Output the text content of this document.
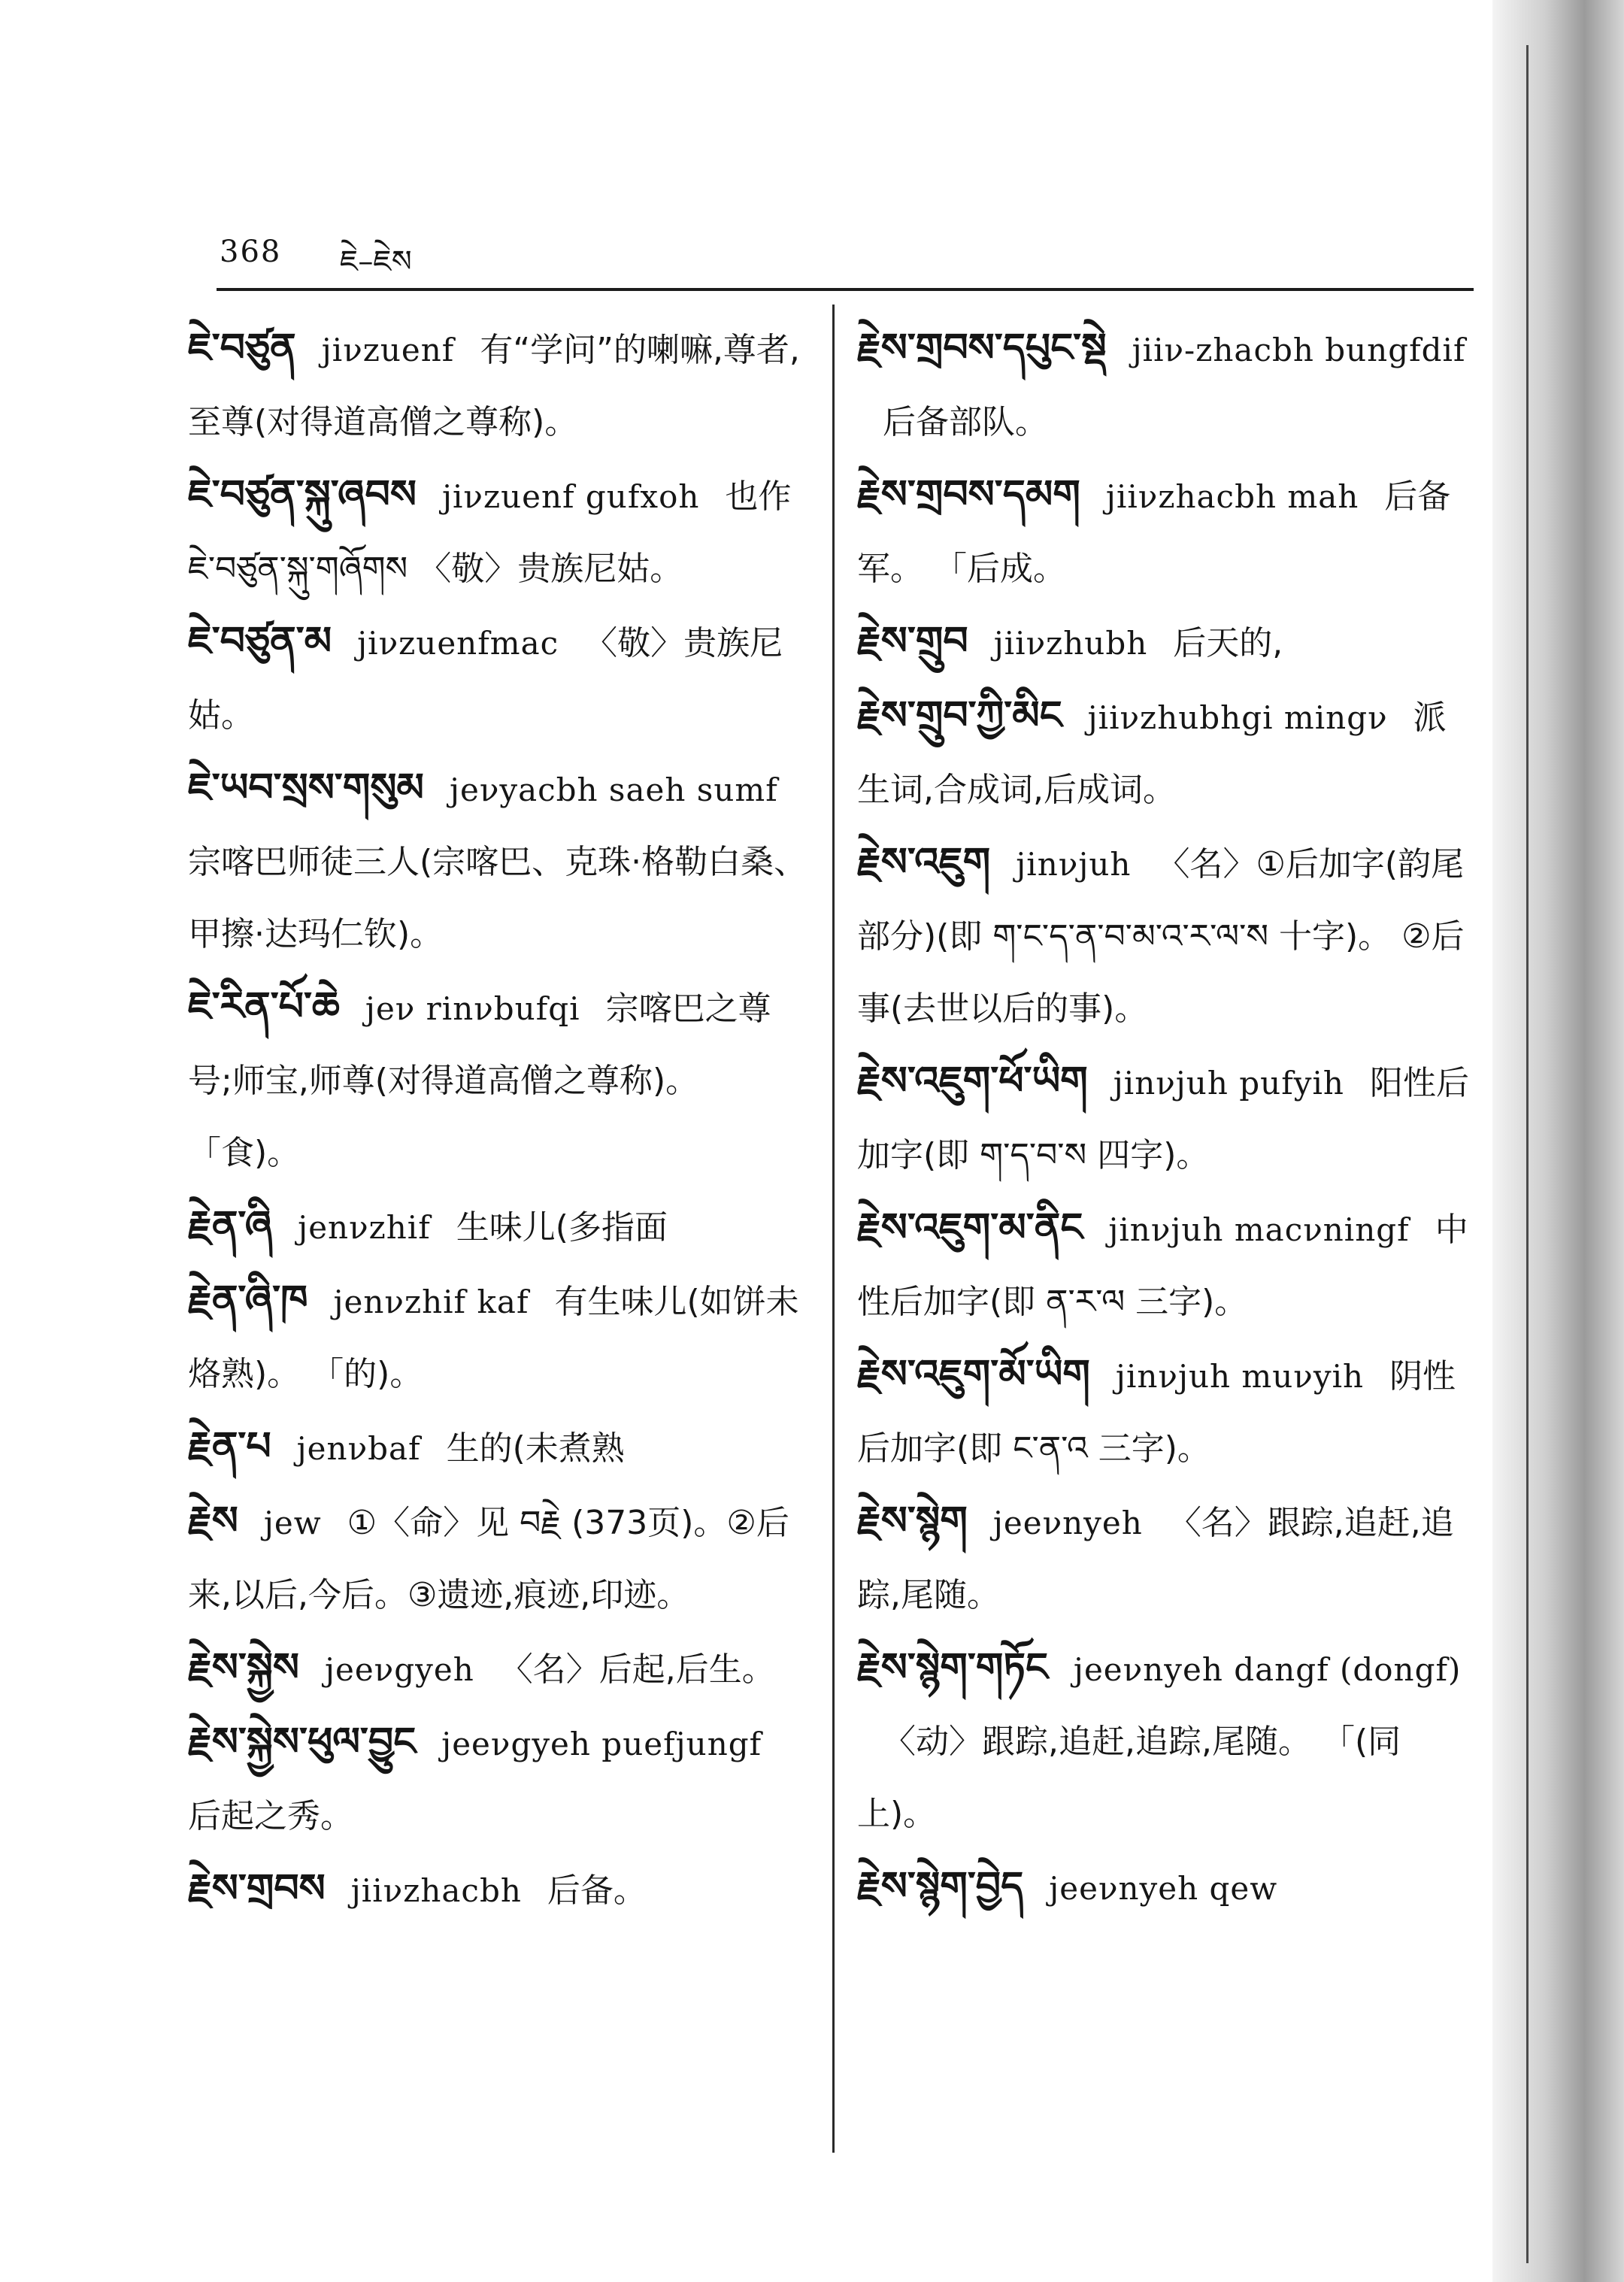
368 ཇེ–ཇེས
ཇེ་བཙུན jiνzuenf 有“学问”的喇嘛,尊者,至尊(对得道高僧之尊称)。
ཇེ་བཙུན་སྐུ་ཞབས jiνzuenf gufxoh 也作 ཇེ་བཙུན་སྐུ་གཞོགས 〈敬〉贵族尼姑。
ཇེ་བཙུན་མ jiνzuenfmac 〈敬〉贵族尼姑。
ཇེ་ཡབ་སྲས་གསུམ jeνyacbh saeh sumf宗喀巴师徒三人(宗喀巴、克珠·格勒白桑、甲擦·达玛仁钦)。
ཇེ་རིན་པོ་ཆེ jeν rinνbufqi 宗喀巴之尊号;师宝,师尊(对得道高僧之尊称)。 「食)。
རྗེན་ཞི jenνzhif 生味儿(多指面
རྗེན་ཞི་ཁ jenνzhif kaf 有生味儿(如饼未烙熟)。 「的)。
རྗེན་པ jenνbaf 生的(未煮熟
རྗེས jew ①〈命〉见 བརྗེ (373页)。②后来,以后,今后。③遗迹,痕迹,印迹。
རྗེས་སྐྱེས jeeνgyeh 〈名〉后起,后生。
རྗེས་སྐྱེས་ཕུལ་བྱུང jeeνgyeh puefjungf后起之秀。
རྗེས་གྲབས jiiνzhacbh 后备。
རྗེས་གྲབས་དཔུང་སྡེ jiiν-zhacbh bungfdif后备部队。
རྗེས་གྲབས་དམག jiiνzhacbh mah 后备军。 「后成。
རྗེས་གྲུབ jiiνzhubh 后天的,
རྗེས་གྲུབ་ཀྱི་མིང jiiνzhubhgi mingν 派生词,合成词,后成词。
རྗེས་འཇུག jinνjuh 〈名〉①后加字(韵尾部分)(即 ག་ང་ད་ན་བ་མ་འ་ར་ལ་ས 十字)。 ②后事(去世以后的事)。
རྗེས་འཇུག་ཕོ་ཡིག jinνjuh pufyih 阳性后加字(即 ག་ད་བ་ས 四字)。
རྗེས་འཇུག་མ་ནིང jinνjuh macνningf 中性后加字(即 ན་ར་ལ 三字)。
རྗེས་འཇུག་མོ་ཡིག jinνjuh muνyih 阴性后加字(即 ང་ན་འ 三字)。
རྗེས་སྙེག jeeνnyeh 〈名〉跟踪,追赶,追踪,尾随。
རྗེས་སྙེག་གཏོང jeeνnyeh dangf (dongf)〈动〉跟踪,追赶,追踪,尾随。 「(同上)。
རྗེས་སྙེག་བྱེད jeeνnyeh qew
